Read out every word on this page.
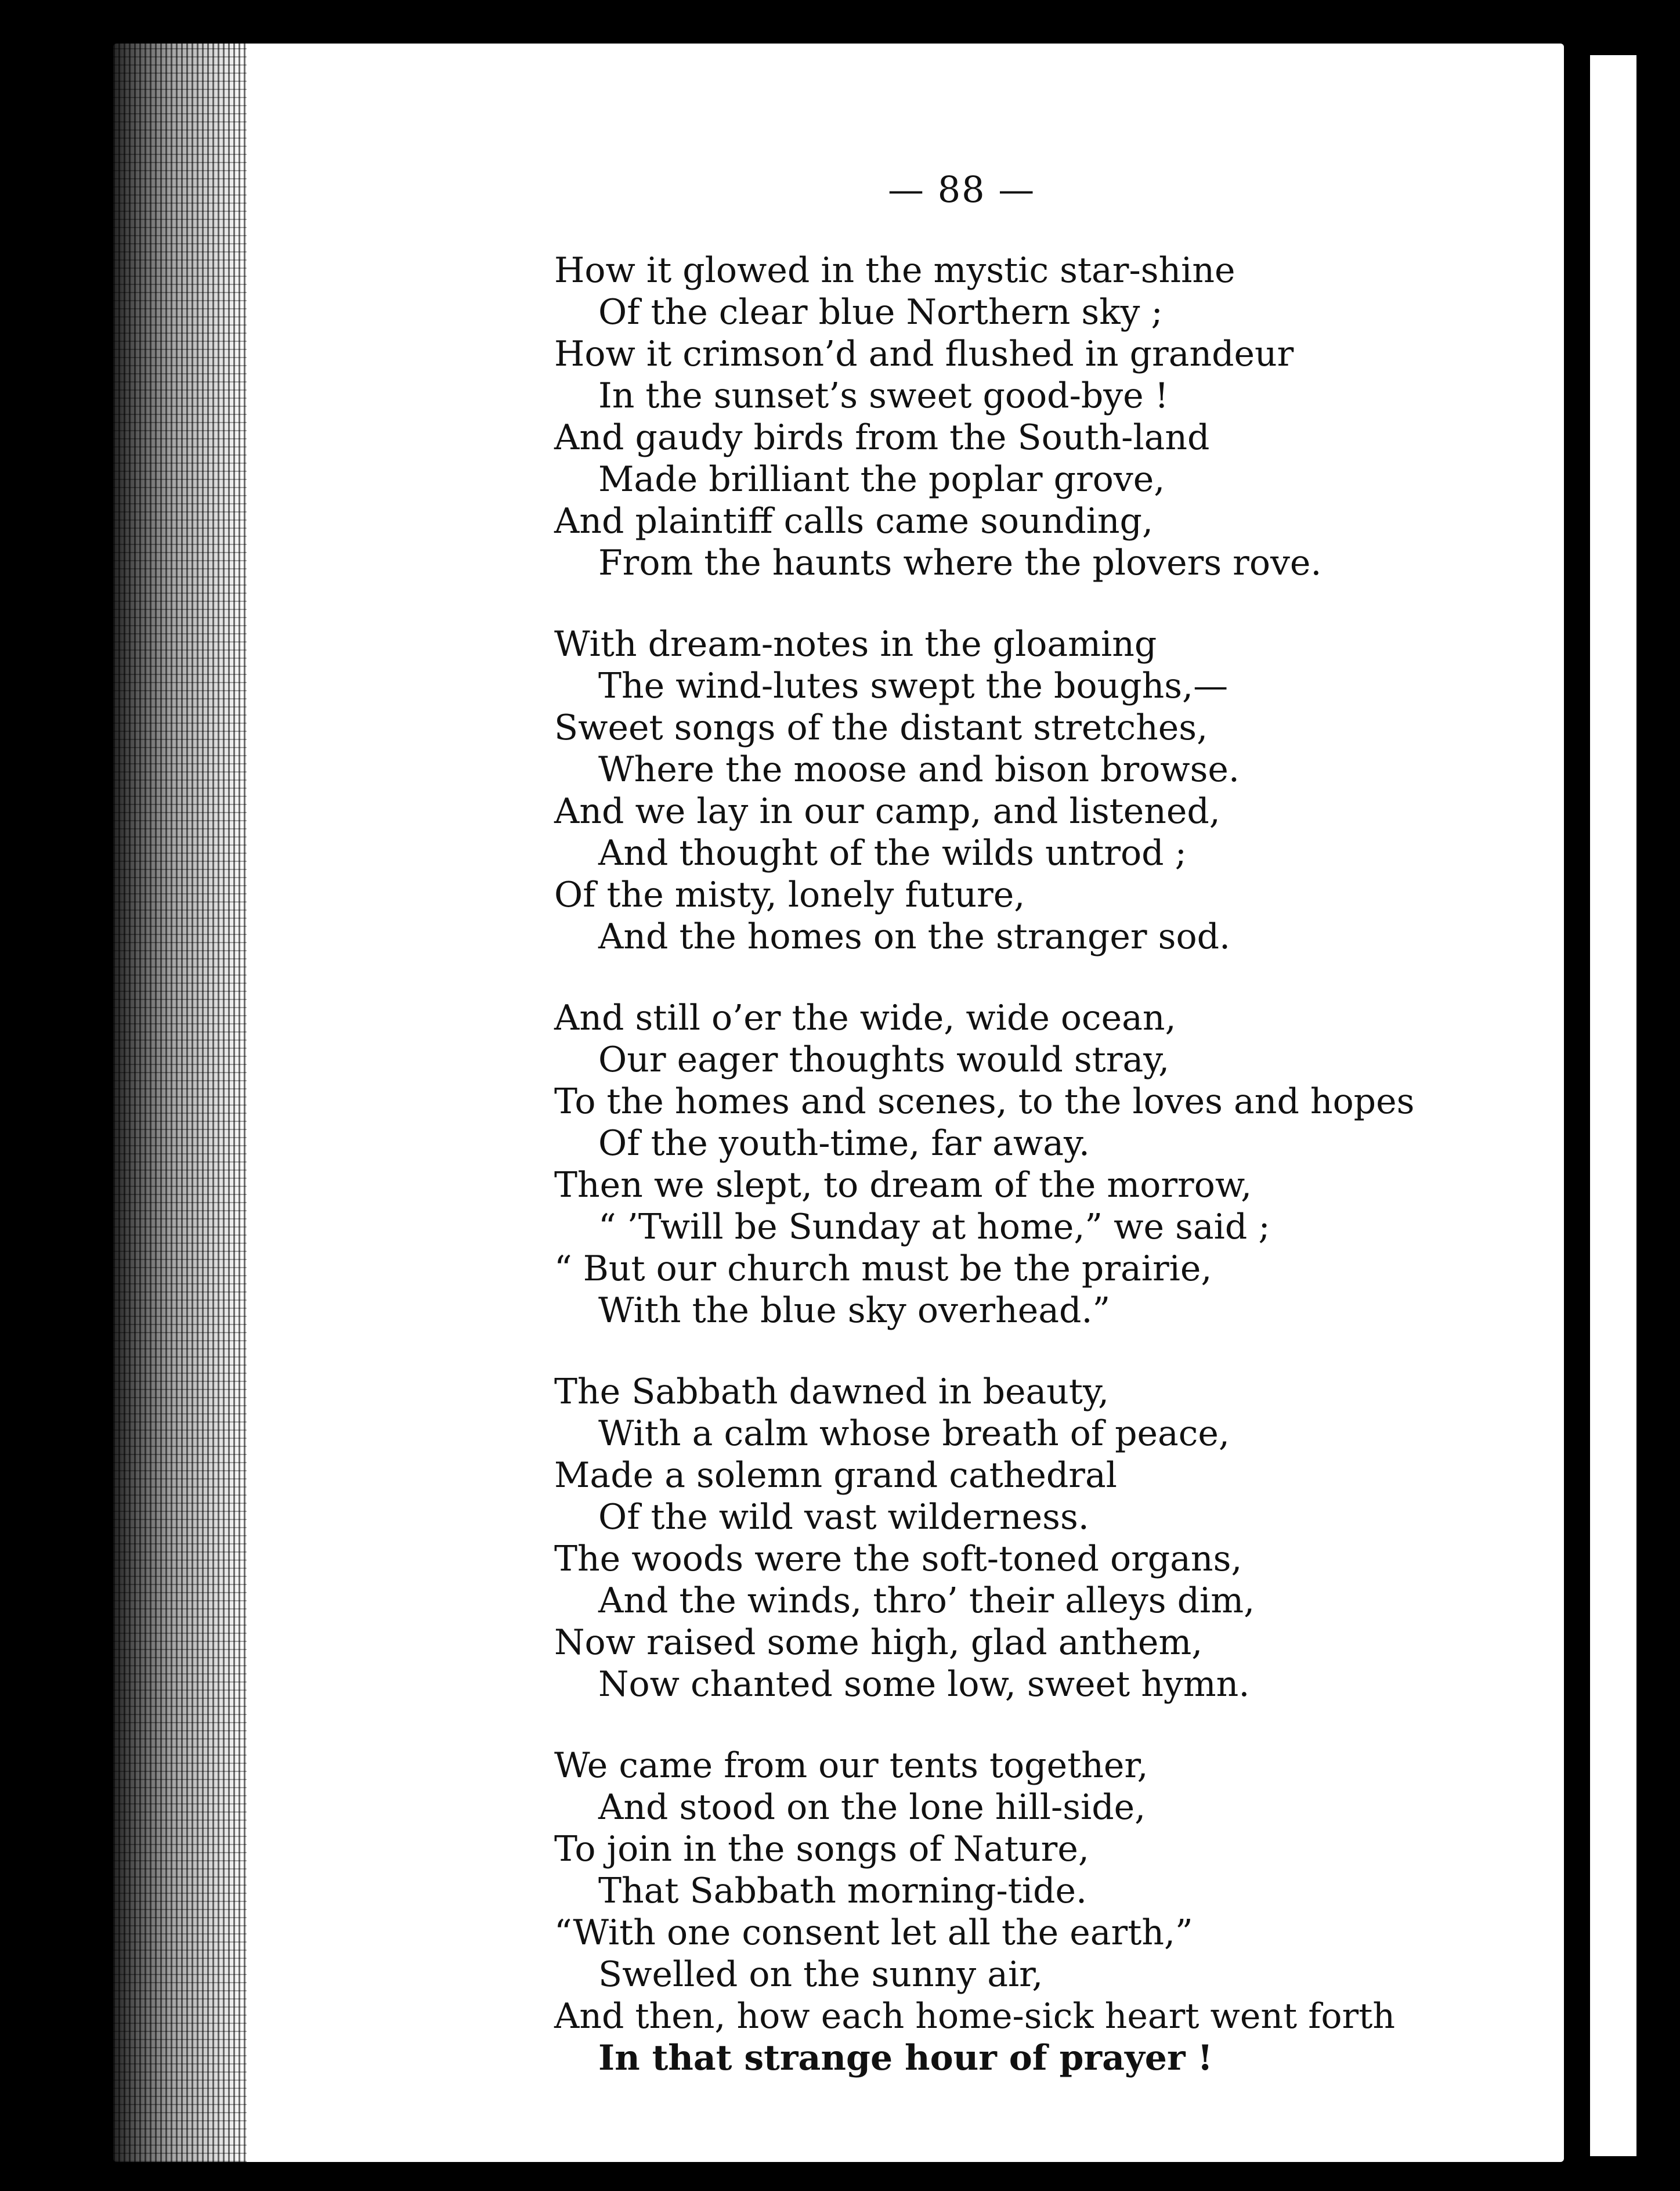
— 88 —
How it glowed in the mystic star-shine
Of the clear blue Northern sky ;
How it crimson’d and flushed in grandeur
In the sunset’s sweet good-bye !
And gaudy birds from the South-land
Made brilliant the poplar grove,
And plaintiff calls came sounding,
From the haunts where the plovers rove.
With dream-notes in the gloaming
The wind-lutes swept the boughs,—
Sweet songs of the distant stretches,
Where the moose and bison browse.
And we lay in our camp, and listened,
And thought of the wilds untrod ;
Of the misty, lonely future,
And the homes on the stranger sod.
And still o’er the wide, wide ocean,
Our eager thoughts would stray,
To the homes and scenes, to the loves and hopes
Of the youth-time, far away.
Then we slept, to dream of the morrow,
“ ’Twill be Sunday at home,” we said ;
“ But our church must be the prairie,
With the blue sky overhead.”
The Sabbath dawned in beauty,
With a calm whose breath of peace,
Made a solemn grand cathedral
Of the wild vast wilderness.
The woods were the soft-toned organs,
And the winds, thro’ their alleys dim,
Now raised some high, glad anthem,
Now chanted some low, sweet hymn.
We came from our tents together,
And stood on the lone hill-side,
To join in the songs of Nature,
That Sabbath morning-tide.
“With one consent let all the earth,”
Swelled on the sunny air,
And then, how each home-sick heart went forth
In that strange hour of prayer !
